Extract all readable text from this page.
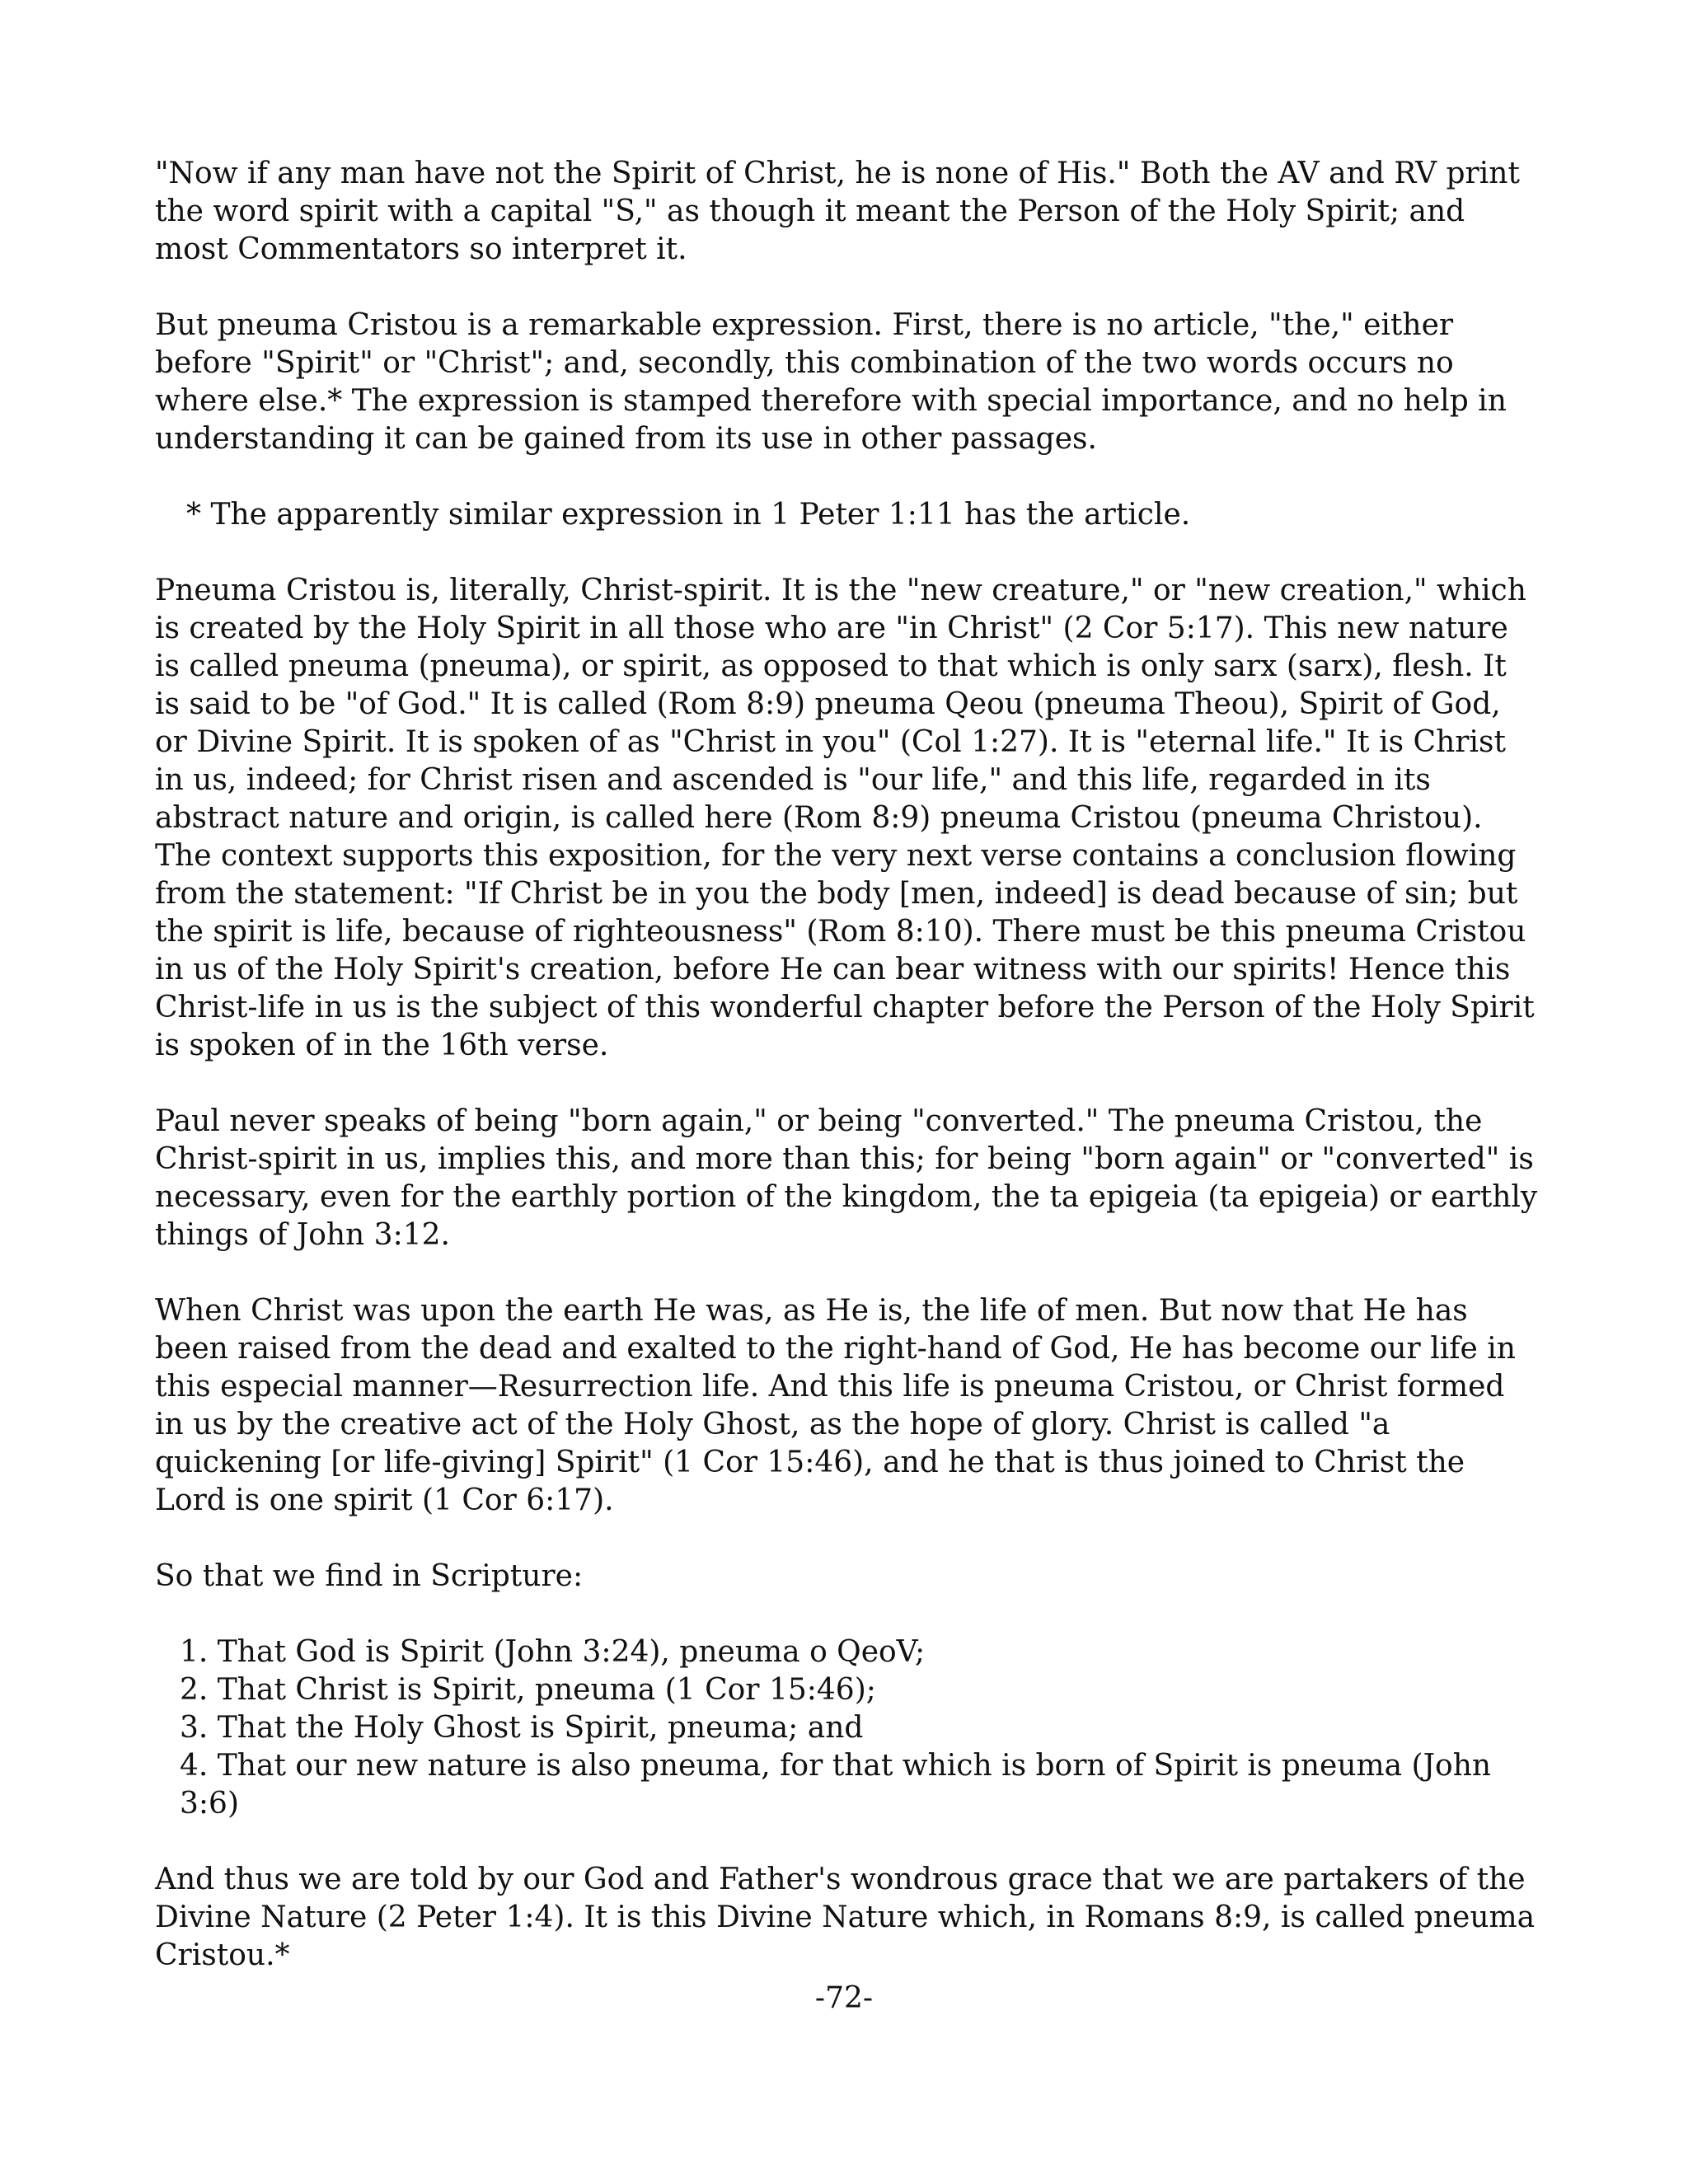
"Now if any man have not the Spirit of Christ, he is none of His." Both the AV and RV print the word spirit with a capital "S," as though it meant the Person of the Holy Spirit; and most Commentators so interpret it.

But pneuma Cristou is a remarkable expression. First, there is no article, "the," either before "Spirit" or "Christ"; and, secondly, this combination of the two words occurs no where else.* The expression is stamped therefore with special importance, and no help in understanding it can be gained from its use in other passages.

* The apparently similar expression in 1 Peter 1:11 has the article.

Pneuma Cristou is, literally, Christ-spirit. It is the "new creature," or "new creation," which is created by the Holy Spirit in all those who are "in Christ" (2 Cor 5:17). This new nature is called pneuma (pneuma), or spirit, as opposed to that which is only sarx (sarx), flesh. It is said to be "of God." It is called (Rom 8:9) pneuma Qeou (pneuma Theou), Spirit of God, or Divine Spirit. It is spoken of as "Christ in you" (Col 1:27). It is "eternal life." It is Christ in us, indeed; for Christ risen and ascended is "our life," and this life, regarded in its abstract nature and origin, is called here (Rom 8:9) pneuma Cristou (pneuma Christou). The context supports this exposition, for the very next verse contains a conclusion flowing from the statement: "If Christ be in you the body [men, indeed] is dead because of sin; but the spirit is life, because of righteousness" (Rom 8:10). There must be this pneuma Cristou in us of the Holy Spirit's creation, before He can bear witness with our spirits! Hence this Christ-life in us is the subject of this wonderful chapter before the Person of the Holy Spirit is spoken of in the 16th verse.

Paul never speaks of being "born again," or being "converted." The pneuma Cristou, the Christ-spirit in us, implies this, and more than this; for being "born again" or "converted" is necessary, even for the earthly portion of the kingdom, the ta epigeia (ta epigeia) or earthly things of John 3:12.

When Christ was upon the earth He was, as He is, the life of men. But now that He has been raised from the dead and exalted to the right-hand of God, He has become our life in this especial manner—Resurrection life. And this life is pneuma Cristou, or Christ formed in us by the creative act of the Holy Ghost, as the hope of glory. Christ is called "a quickening [or life-giving] Spirit" (1 Cor 15:46), and he that is thus joined to Christ the Lord is one spirit (1 Cor 6:17).

So that we find in Scripture:

1. That God is Spirit (John 3:24), pneuma o QeoV;
2. That Christ is Spirit, pneuma (1 Cor 15:46);
3. That the Holy Ghost is Spirit, pneuma; and
4. That our new nature is also pneuma, for that which is born of Spirit is pneuma (John 3:6)

And thus we are told by our God and Father's wondrous grace that we are partakers of the Divine Nature (2 Peter 1:4). It is this Divine Nature which, in Romans 8:9, is called pneuma Cristou.*

-72-
